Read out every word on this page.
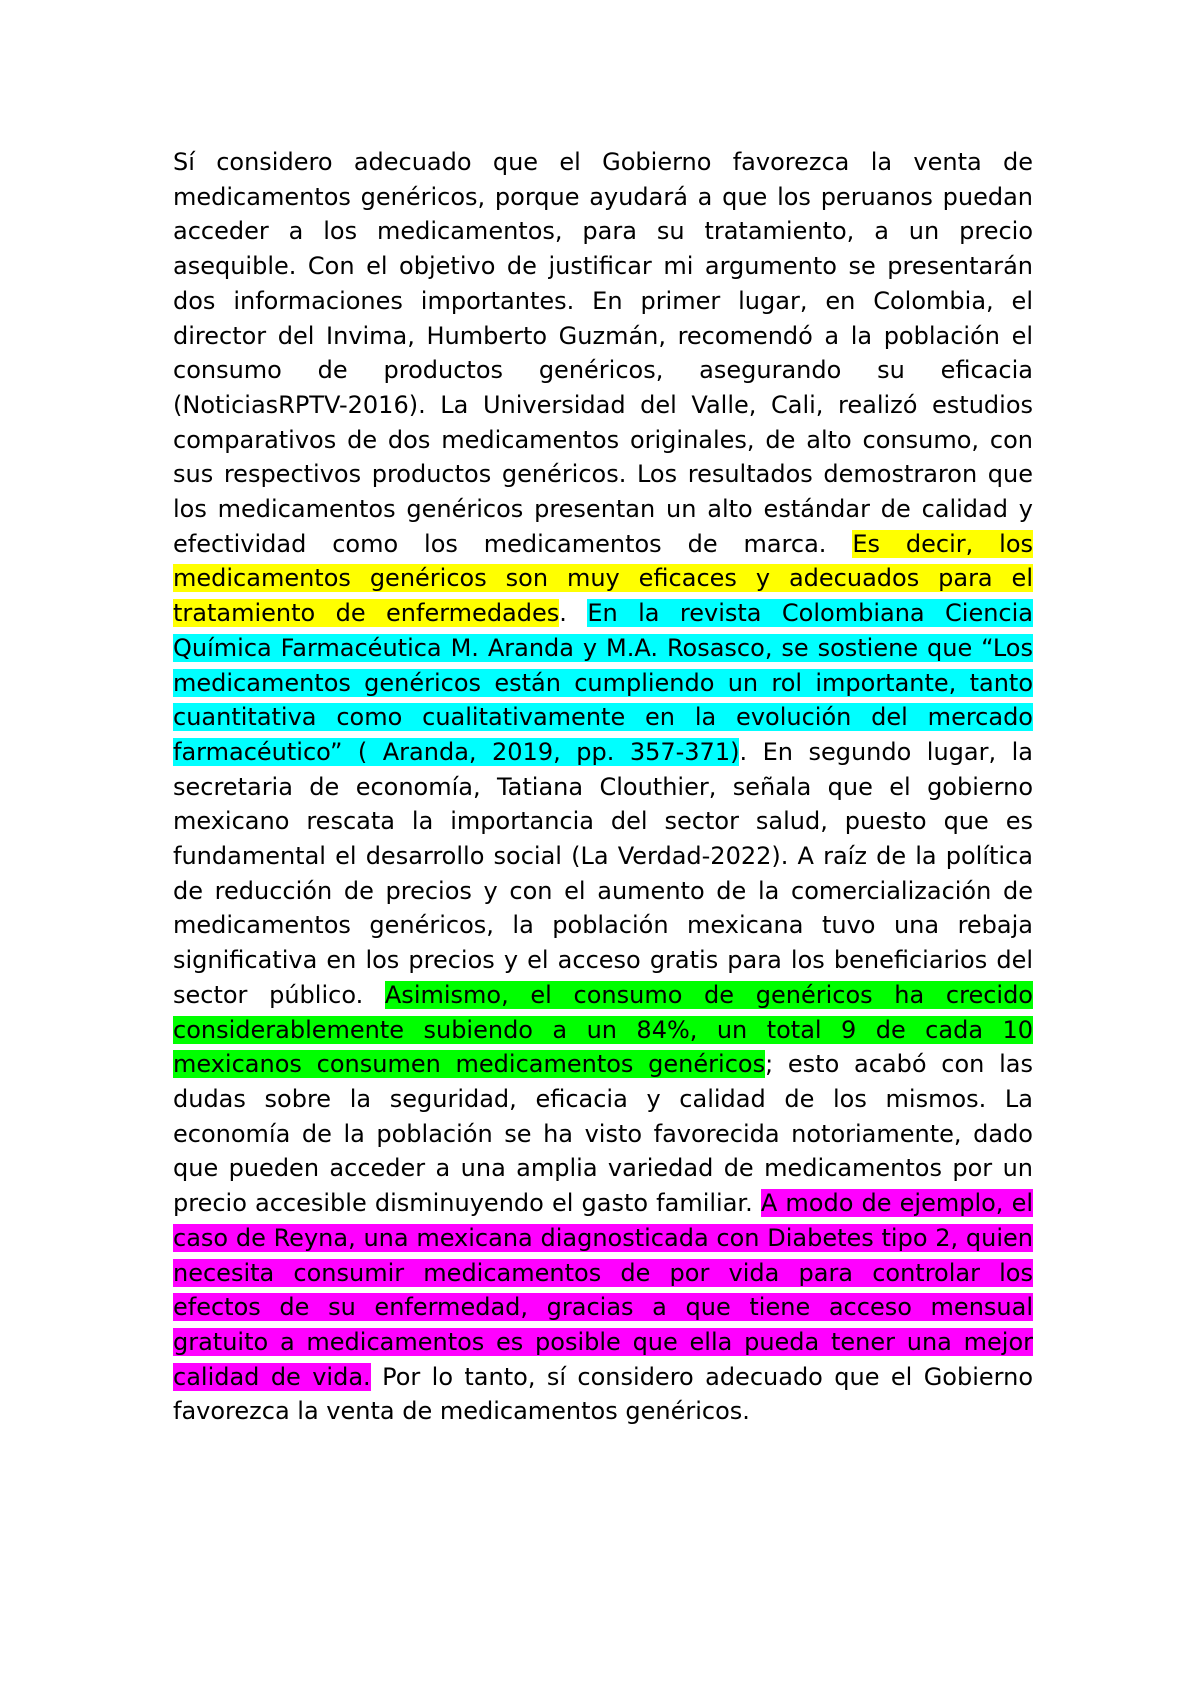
Sí considero adecuado que el Gobierno favorezca la venta de medicamentos genéricos, porque ayudará a que los peruanos puedan acceder a los medicamentos, para su tratamiento, a un precio asequible. Con el objetivo de justificar mi argumento se presentarán dos informaciones importantes. En primer lugar, en Colombia, el director del Invima, Humberto Guzmán, recomendó a la población el consumo de productos genéricos, asegurando su eficacia (NoticiasRPTV-2016). La Universidad del Valle, Cali, realizó estudios comparativos de dos medicamentos originales, de alto consumo, con sus respectivos productos genéricos. Los resultados demostraron que los medicamentos genéricos presentan un alto estándar de calidad y efectividad como los medicamentos de marca. Es decir, los medicamentos genéricos son muy eficaces y adecuados para el tratamiento de enfermedades. En la revista Colombiana Ciencia Química Farmacéutica M. Aranda y M.A. Rosasco, se sostiene que “Los medicamentos genéricos están cumpliendo un rol importante, tanto cuantitativa como cualitativamente en la evolución del mercado farmacéutico” ( Aranda, 2019, pp. 357-371). En segundo lugar, la secretaria de economía, Tatiana Clouthier, señala que el gobierno mexicano rescata la importancia del sector salud, puesto que es fundamental el desarrollo social (La Verdad-2022). A raíz de la política de reducción de precios y con el aumento de la comercialización de medicamentos genéricos, la población mexicana tuvo una rebaja significativa en los precios y el acceso gratis para los beneficiarios del sector público. Asimismo, el consumo de genéricos ha crecido considerablemente subiendo a un 84%, un total 9 de cada 10 mexicanos consumen medicamentos genéricos; esto acabó con las dudas sobre la seguridad, eficacia y calidad de los mismos. La economía de la población se ha visto favorecida notoriamente, dado que pueden acceder a una amplia variedad de medicamentos por un precio accesible disminuyendo el gasto familiar. A modo de ejemplo, el caso de Reyna, una mexicana diagnosticada con Diabetes tipo 2, quien necesita consumir medicamentos de por vida para controlar los efectos de su enfermedad, gracias a que tiene acceso mensual gratuito a medicamentos es posible que ella pueda tener una mejor calidad de vida. Por lo tanto, sí considero adecuado que el Gobierno favorezca la venta de medicamentos genéricos.
